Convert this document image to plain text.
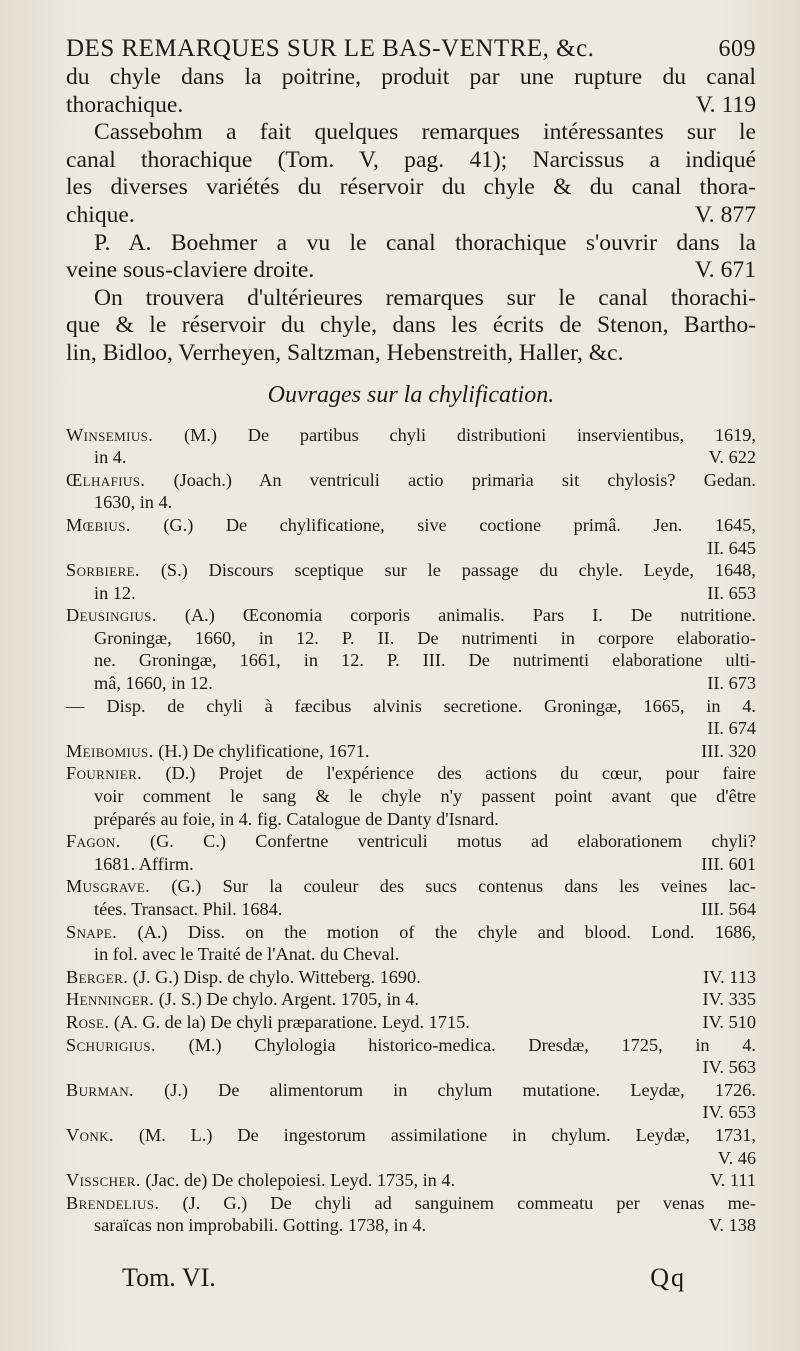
DES REMARQUES SUR LE BAS-VENTRE, &c.	609
du chyle dans la poitrine, produit par une rupture du canal
thorachique.	V. 119
Cassebohm a fait quelques remarques intéressantes sur le
canal thorachique (Tom. V, pag. 41); Narcissus a indiqué
les diverses variétés du réservoir du chyle & du canal thora-
chique.	V. 877
P. A. Boehmer a vu le canal thorachique s'ouvrir dans la
veine sous-claviere droite.	V. 671
On trouvera d'ultérieures remarques sur le canal thorachi-
que & le réservoir du chyle, dans les écrits de Stenon, Bartho-
lin, Bidloo, Verrheyen, Saltzman, Hebenstreith, Haller, &c.
Ouvrages sur la chylification.
Winsemius. (M.) De partibus chyli distributioni inservientibus, 1619,
in 4.	V. 622
Œlhafius. (Joach.) An ventriculi actio primaria sit chylosis? Gedan.
1630, in 4.
Mœbius. (G.) De chylificatione, sive coctione primâ. Jen. 1645,
II. 645
Sorbiere. (S.) Discours sceptique sur le passage du chyle. Leyde, 1648,
in 12.	II. 653
Deusingius. (A.) Œconomia corporis animalis. Pars I. De nutritione.
Groningæ, 1660, in 12. P. II. De nutrimenti in corpore elaboratio-
ne. Groningæ, 1661, in 12. P. III. De nutrimenti elaboratione ulti-
mâ, 1660, in 12.	II. 673
— Disp. de chyli à fæcibus alvinis secretione. Groningæ, 1665, in 4.
II. 674
Meibomius. (H.) De chylificatione, 1671.	III. 320
Fournier. (D.) Projet de l'expérience des actions du cœur, pour faire
voir comment le sang & le chyle n'y passent point avant que d'être
préparés au foie, in 4. fig. Catalogue de Danty d'Isnard.
Fagon. (G. C.) Confertne ventriculi motus ad elaborationem chyli?
1681. Affirm.	III. 601
Musgrave. (G.) Sur la couleur des sucs contenus dans les veines lac-
tées. Transact. Phil. 1684.	III. 564
Snape. (A.) Diss. on the motion of the chyle and blood. Lond. 1686,
in fol. avec le Traité de l'Anat. du Cheval.
Berger. (J. G.) Disp. de chylo. Witteberg. 1690.	IV. 113
Henninger. (J. S.) De chylo. Argent. 1705, in 4.	IV. 335
Rose. (A. G. de la) De chyli præparatione. Leyd. 1715.	IV. 510
Schurigius. (M.) Chylologia historico-medica. Dresdæ, 1725, in 4.
IV. 563
Burman. (J.) De alimentorum in chylum mutatione. Leydæ, 1726.
IV. 653
Vonk. (M. L.) De ingestorum assimilatione in chylum. Leydæ, 1731,
V. 46
Visscher. (Jac. de) De cholepoiesi. Leyd. 1735, in 4.	V. 111
Brendelius. (J. G.) De chyli ad sanguinem commeatu per venas me-
saraïcas non improbabili. Gotting. 1738, in 4.	V. 138
Tom. VI.	Qq
